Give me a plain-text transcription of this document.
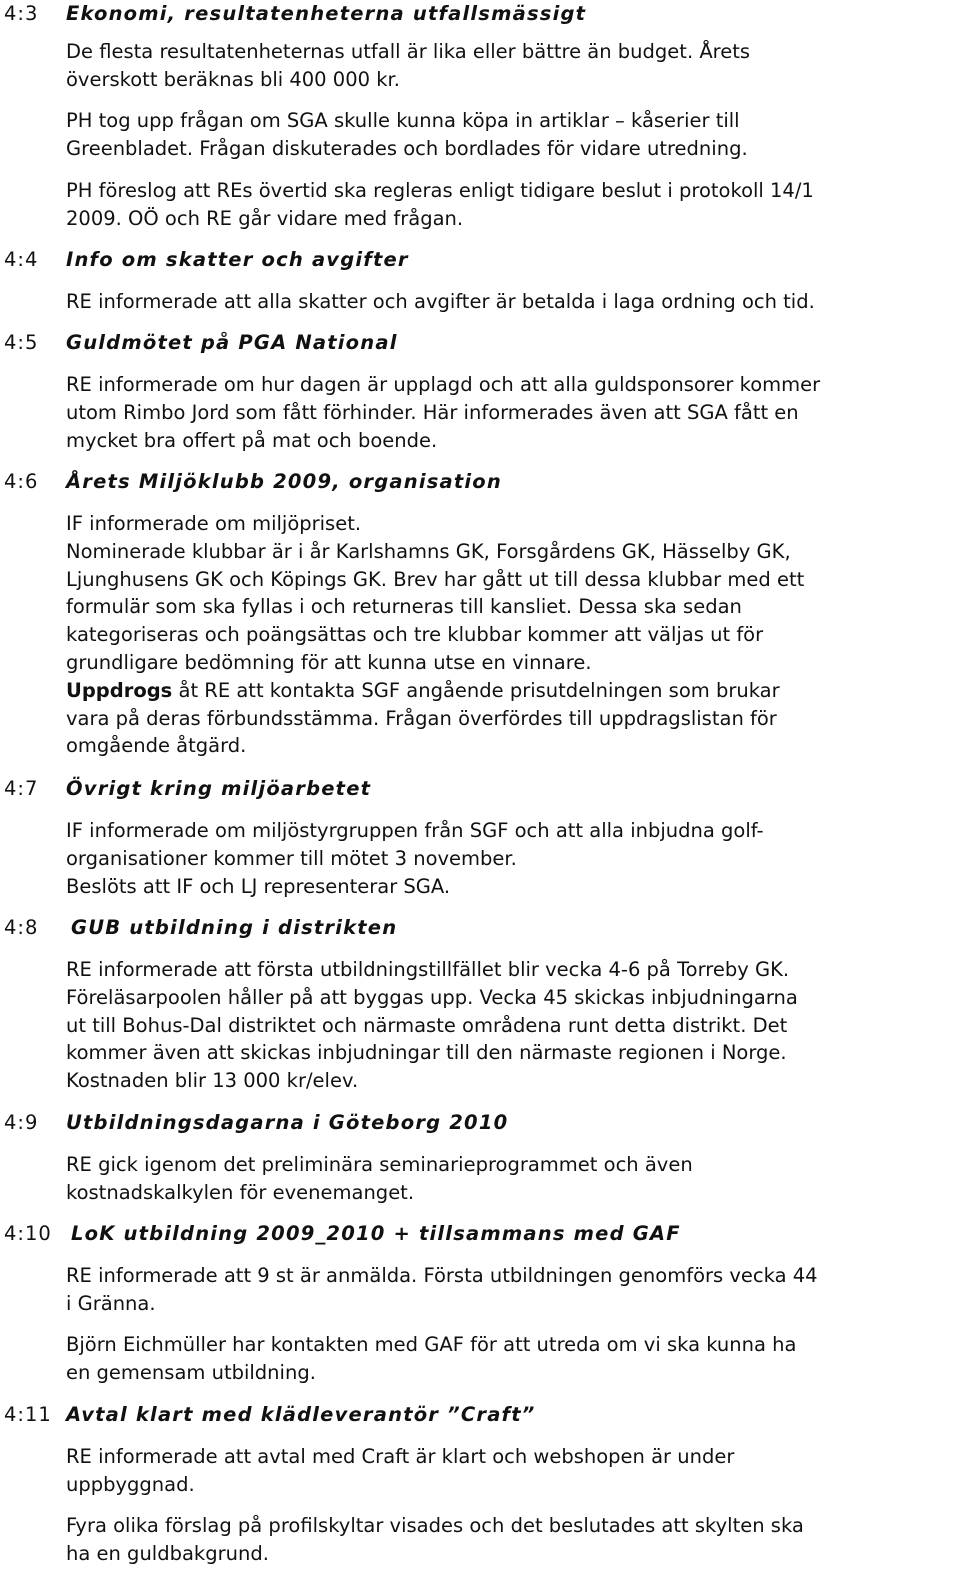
4:3 Ekonomi, resultatenheterna utfallsmässigt

De flesta resultatenheternas utfall är lika eller bättre än budget. Årets
överskott beräknas bli 400 000 kr.

PH tog upp frågan om SGA skulle kunna köpa in artiklar – kåserier till
Greenbladet. Frågan diskuterades och bordlades för vidare utredning.

PH föreslog att REs övertid ska regleras enligt tidigare beslut i protokoll 14/1
2009. OÖ och RE går vidare med frågan.

4:4 Info om skatter och avgifter

RE informerade att alla skatter och avgifter är betalda i laga ordning och tid.

4:5 Guldmötet på PGA National

RE informerade om hur dagen är upplagd och att alla guldsponsorer kommer
utom Rimbo Jord som fått förhinder. Här informerades även att SGA fått en
mycket bra offert på mat och boende.

4:6 Årets Miljöklubb 2009, organisation

IF informerade om miljöpriset.
Nominerade klubbar är i år Karlshamns GK, Forsgårdens GK, Hässelby GK,
Ljunghusens GK och Köpings GK. Brev har gått ut till dessa klubbar med ett
formulär som ska fyllas i och returneras till kansliet. Dessa ska sedan
kategoriseras och poängsättas och tre klubbar kommer att väljas ut för
grundligare bedömning för att kunna utse en vinnare.
Uppdrogs åt RE att kontakta SGF angående prisutdelningen som brukar
vara på deras förbundsstämma. Frågan överfördes till uppdragslistan för
omgående åtgärd.

4:7 Övrigt kring miljöarbetet

IF informerade om miljöstyrgruppen från SGF och att alla inbjudna golf-
organisationer kommer till mötet 3 november.
Beslöts att IF och LJ representerar SGA.

4:8 GUB utbildning i distrikten

RE informerade att första utbildningstillfället blir vecka 4-6 på Torreby GK.
Föreläsarpoolen håller på att byggas upp. Vecka 45 skickas inbjudningarna
ut till Bohus-Dal distriktet och närmaste områdena runt detta distrikt. Det
kommer även att skickas inbjudningar till den närmaste regionen i Norge.
Kostnaden blir 13 000 kr/elev.

4:9 Utbildningsdagarna i Göteborg 2010

RE gick igenom det preliminära seminarieprogrammet och även
kostnadskalkylen för evenemanget.

4:10 LoK utbildning 2009_2010 + tillsammans med GAF

RE informerade att 9 st är anmälda. Första utbildningen genomförs vecka 44
i Gränna.

Björn Eichmüller har kontakten med GAF för att utreda om vi ska kunna ha
en gemensam utbildning.

4:11 Avtal klart med klädleverantör ”Craft”

RE informerade att avtal med Craft är klart och webshopen är under
uppbyggnad.

Fyra olika förslag på profilskyltar visades och det beslutades att skylten ska
ha en guldbakgrund.
